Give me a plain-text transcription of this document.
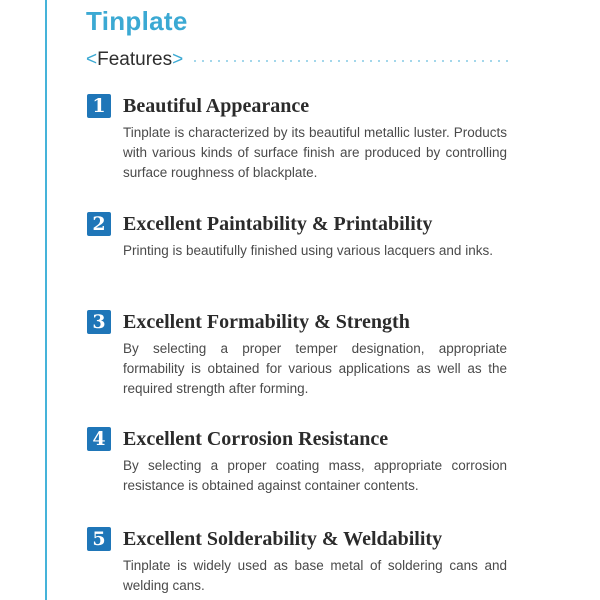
Tinplate
< Features >
1 Beautiful Appearance

Tinplate is characterized by its beautiful metallic luster. Products with various kinds of surface finish are produced by controlling surface roughness of blackplate.

2 Excellent Paintability & Printability

Printing is beautifully finished using various lacquers and inks.

3 Excellent Formability & Strength

By selecting a proper temper designation, appropriate formability is obtained for various applications as well as the required strength after forming.

4 Excellent Corrosion Resistance

By selecting a proper coating mass, appropriate corrosion resistance is obtained against container contents.

5 Excellent Solderability & Weldability

Tinplate is widely used as base metal of soldering cans and welding cans.
